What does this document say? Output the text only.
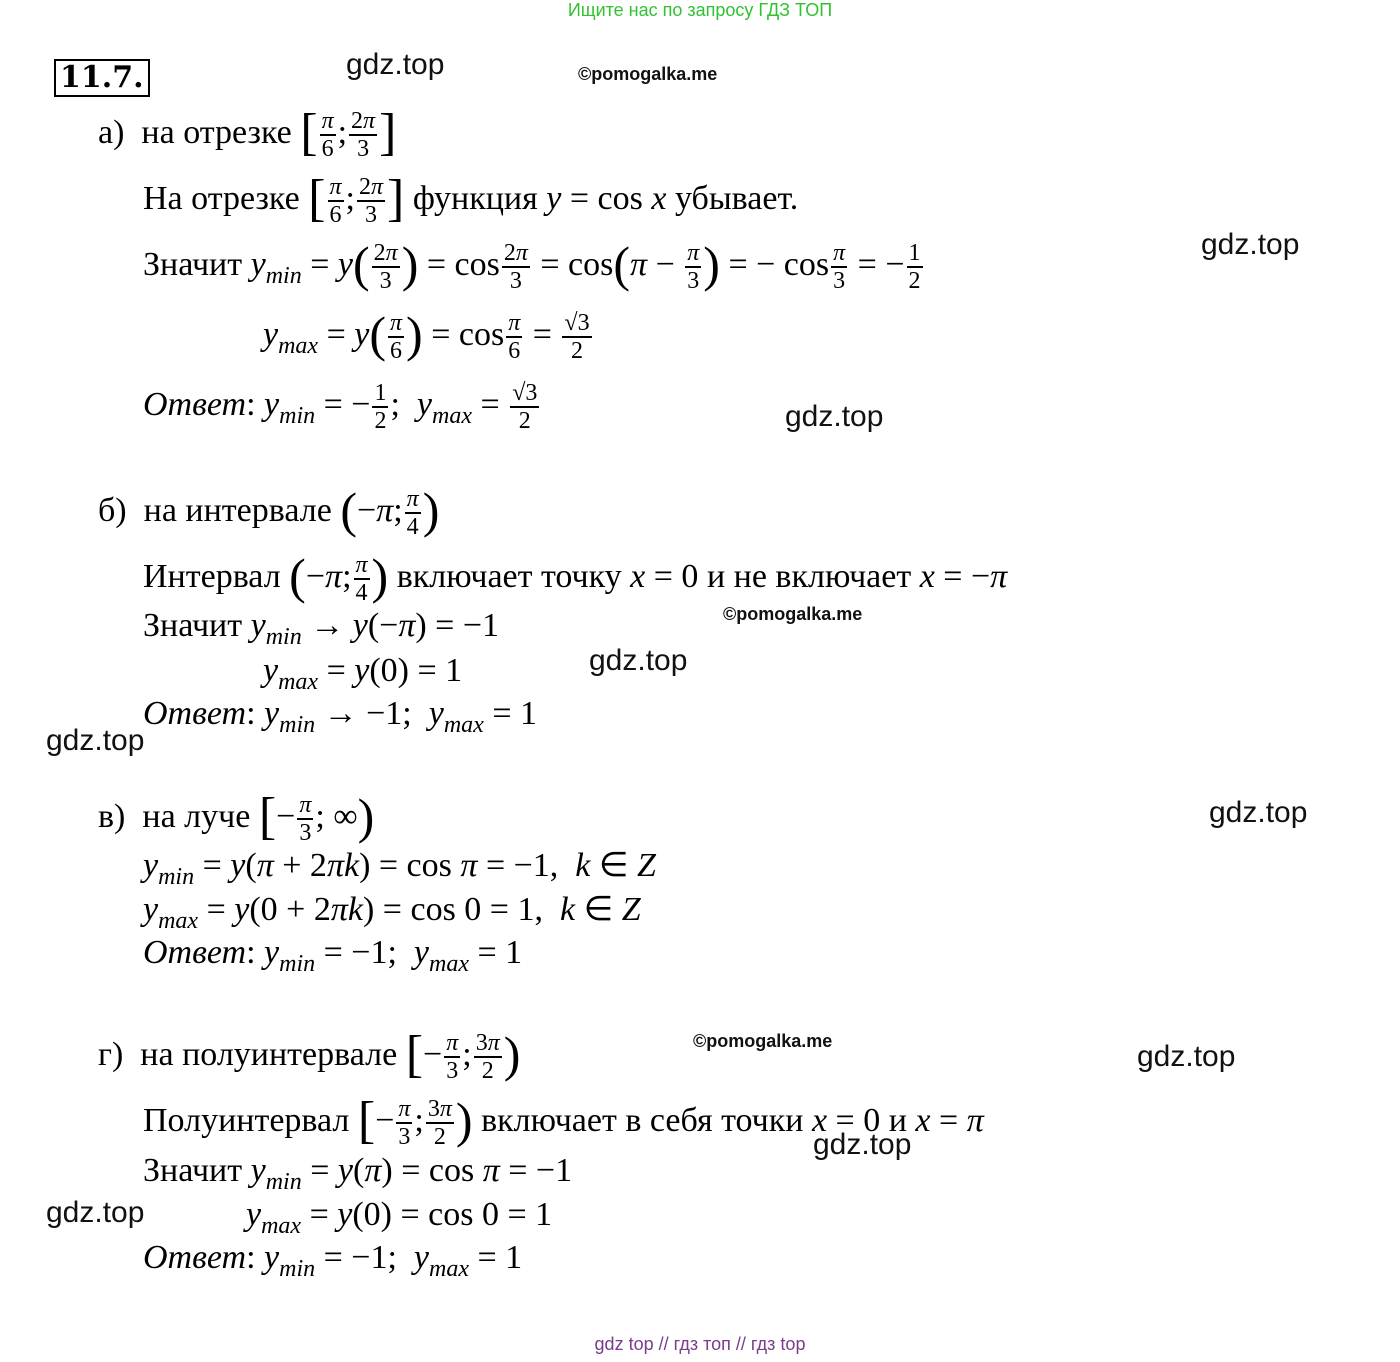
Ищите нас по запросу ГДЗ ТОП
11.7.	gdz.top	©pomogalka.me
gdz.top
gdz.top
©pomogalka.me
gdz.top
gdz.top
gdz.top
©pomogalka.me	gdz.top
gdz.top
gdz.top
а) на отрезке [ $\frac{\pi}{6}$ ; $\frac{2\pi}{3}$ ]
На отрезке [ $\frac{\pi}{6}$ ; $\frac{2\pi}{3}$ ] функция y = cos x убывает.
Значит $y_{min} = y( \frac{2\pi}{3}$ ) = $\cos \frac{2\pi}{3} = \cos(\pi - \frac{\pi}{3}$ ) = − $\cos \frac{\pi}{3}$ = − $\frac{1}{2}$
$y_{max} = y( \frac{\pi}{6}$ ) = $\cos \frac{\pi}{6} = \frac{√3}{2}$
Ответ: $y_{min}$ = − $\frac{1}{2}$ ;  $y_{max} = \frac{√3}{2}$
б) на интервале (−π; $\frac{\pi}{4}$ )
Интервал (−π; $\frac{\pi}{4}$ ) включает точку x = 0 и не включает x = −π
Значит $y_{min} \to y(-\pi) = -1$
$y_{max} = y(0) = 1$
Ответ: $y_{min} \to -1$;  $y_{max} = 1$
в) на луче [− $\frac{\pi}{3}$ ; ∞)
$y_{min} = y(\pi + 2\pi k) = \cos \pi = -1$,  k ∈ Z
$y_{max} = y(0 + 2\pi k) = \cos 0 = 1$,  k ∈ Z
Ответ: $y_{min} = -1$;  $y_{max} = 1$
г) на полуинтервале [− $\frac{\pi}{3}$ ; $\frac{3\pi}{2}$ )
Полуинтервал [− $\frac{\pi}{3}$ ; $\frac{3\pi}{2}$ ) включает в себя точки x = 0 и x = π
Значит $y_{min} = y(\pi) = \cos \pi = -1$
$y_{max} = y(0) = \cos 0 = 1$
Ответ: $y_{min} = -1$;  $y_{max} = 1$
gdz top // гдз топ // гдз top
